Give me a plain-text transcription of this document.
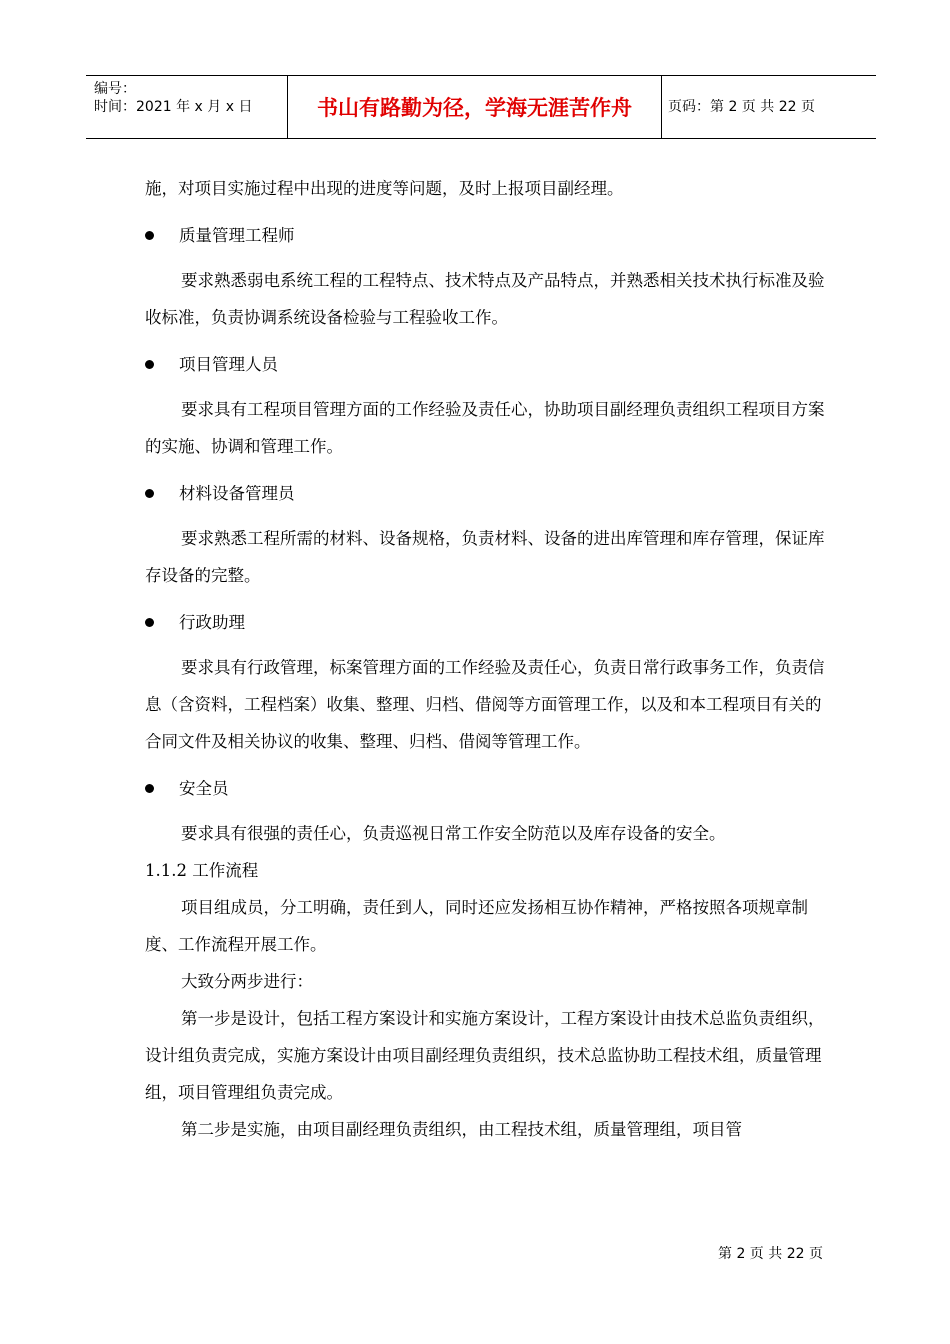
编号：
时间：2021 年 x 月 x 日	书山有路勤为径，学海无涯苦作舟	页码：第 2 页 共 22 页

施，对项目实施过程中出现的进度等问题，及时上报项目副经理。

质量管理工程师

要求熟悉弱电系统工程的工程特点、技术特点及产品特点，并熟悉相关技术执行标准及验收标准，负责协调系统设备检验与工程验收工作。

项目管理人员

要求具有工程项目管理方面的工作经验及责任心，协助项目副经理负责组织工程项目方案的实施、协调和管理工作。

材料设备管理员

要求熟悉工程所需的材料、设备规格，负责材料、设备的进出库管理和库存管理，保证库存设备的完整。

行政助理

要求具有行政管理，标案管理方面的工作经验及责任心，负责日常行政事务工作，负责信息（含资料，工程档案）收集、整理、归档、借阅等方面管理工作，以及和本工程项目有关的合同文件及相关协议的收集、整理、归档、借阅等管理工作。

安全员

要求具有很强的责任心，负责巡视日常工作安全防范以及库存设备的安全。

1.1.2 工作流程

项目组成员，分工明确，责任到人，同时还应发扬相互协作精神，严格按照各项规章制度、工作流程开展工作。

大致分两步进行：

第一步是设计，包括工程方案设计和实施方案设计，工程方案设计由技术总监负责组织，设计组负责完成，实施方案设计由项目副经理负责组织，技术总监协助工程技术组，质量管理组，项目管理组负责完成。

第二步是实施，由项目副经理负责组织，由工程技术组，质量管理组，项目管

第 2 页 共 22 页
